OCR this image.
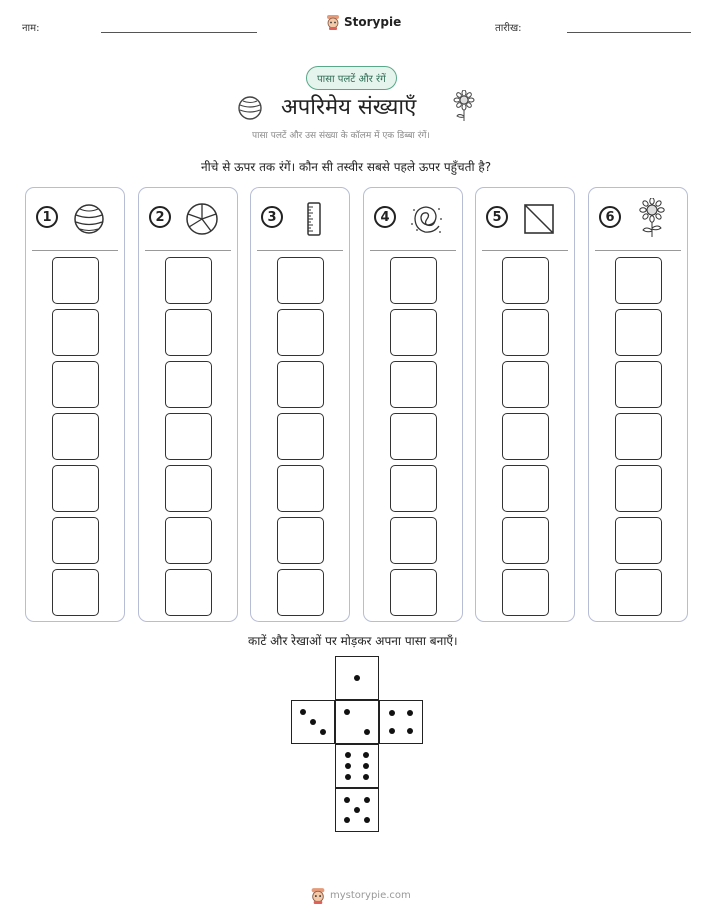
नाम:	Storypie	तारीख:
पासा पलटें और रंगें
अपरिमेय संख्याएँ
पासा पलटें और उस संख्या के कॉलम में एक डिब्बा रंगें।
नीचे से ऊपर तक रंगें। कौन सी तस्वीर सबसे पहले ऊपर पहुँचती है?
1	2	3	4	5	6
काटें और रेखाओं पर मोड़कर अपना पासा बनाएँ।
mystorypie.com
